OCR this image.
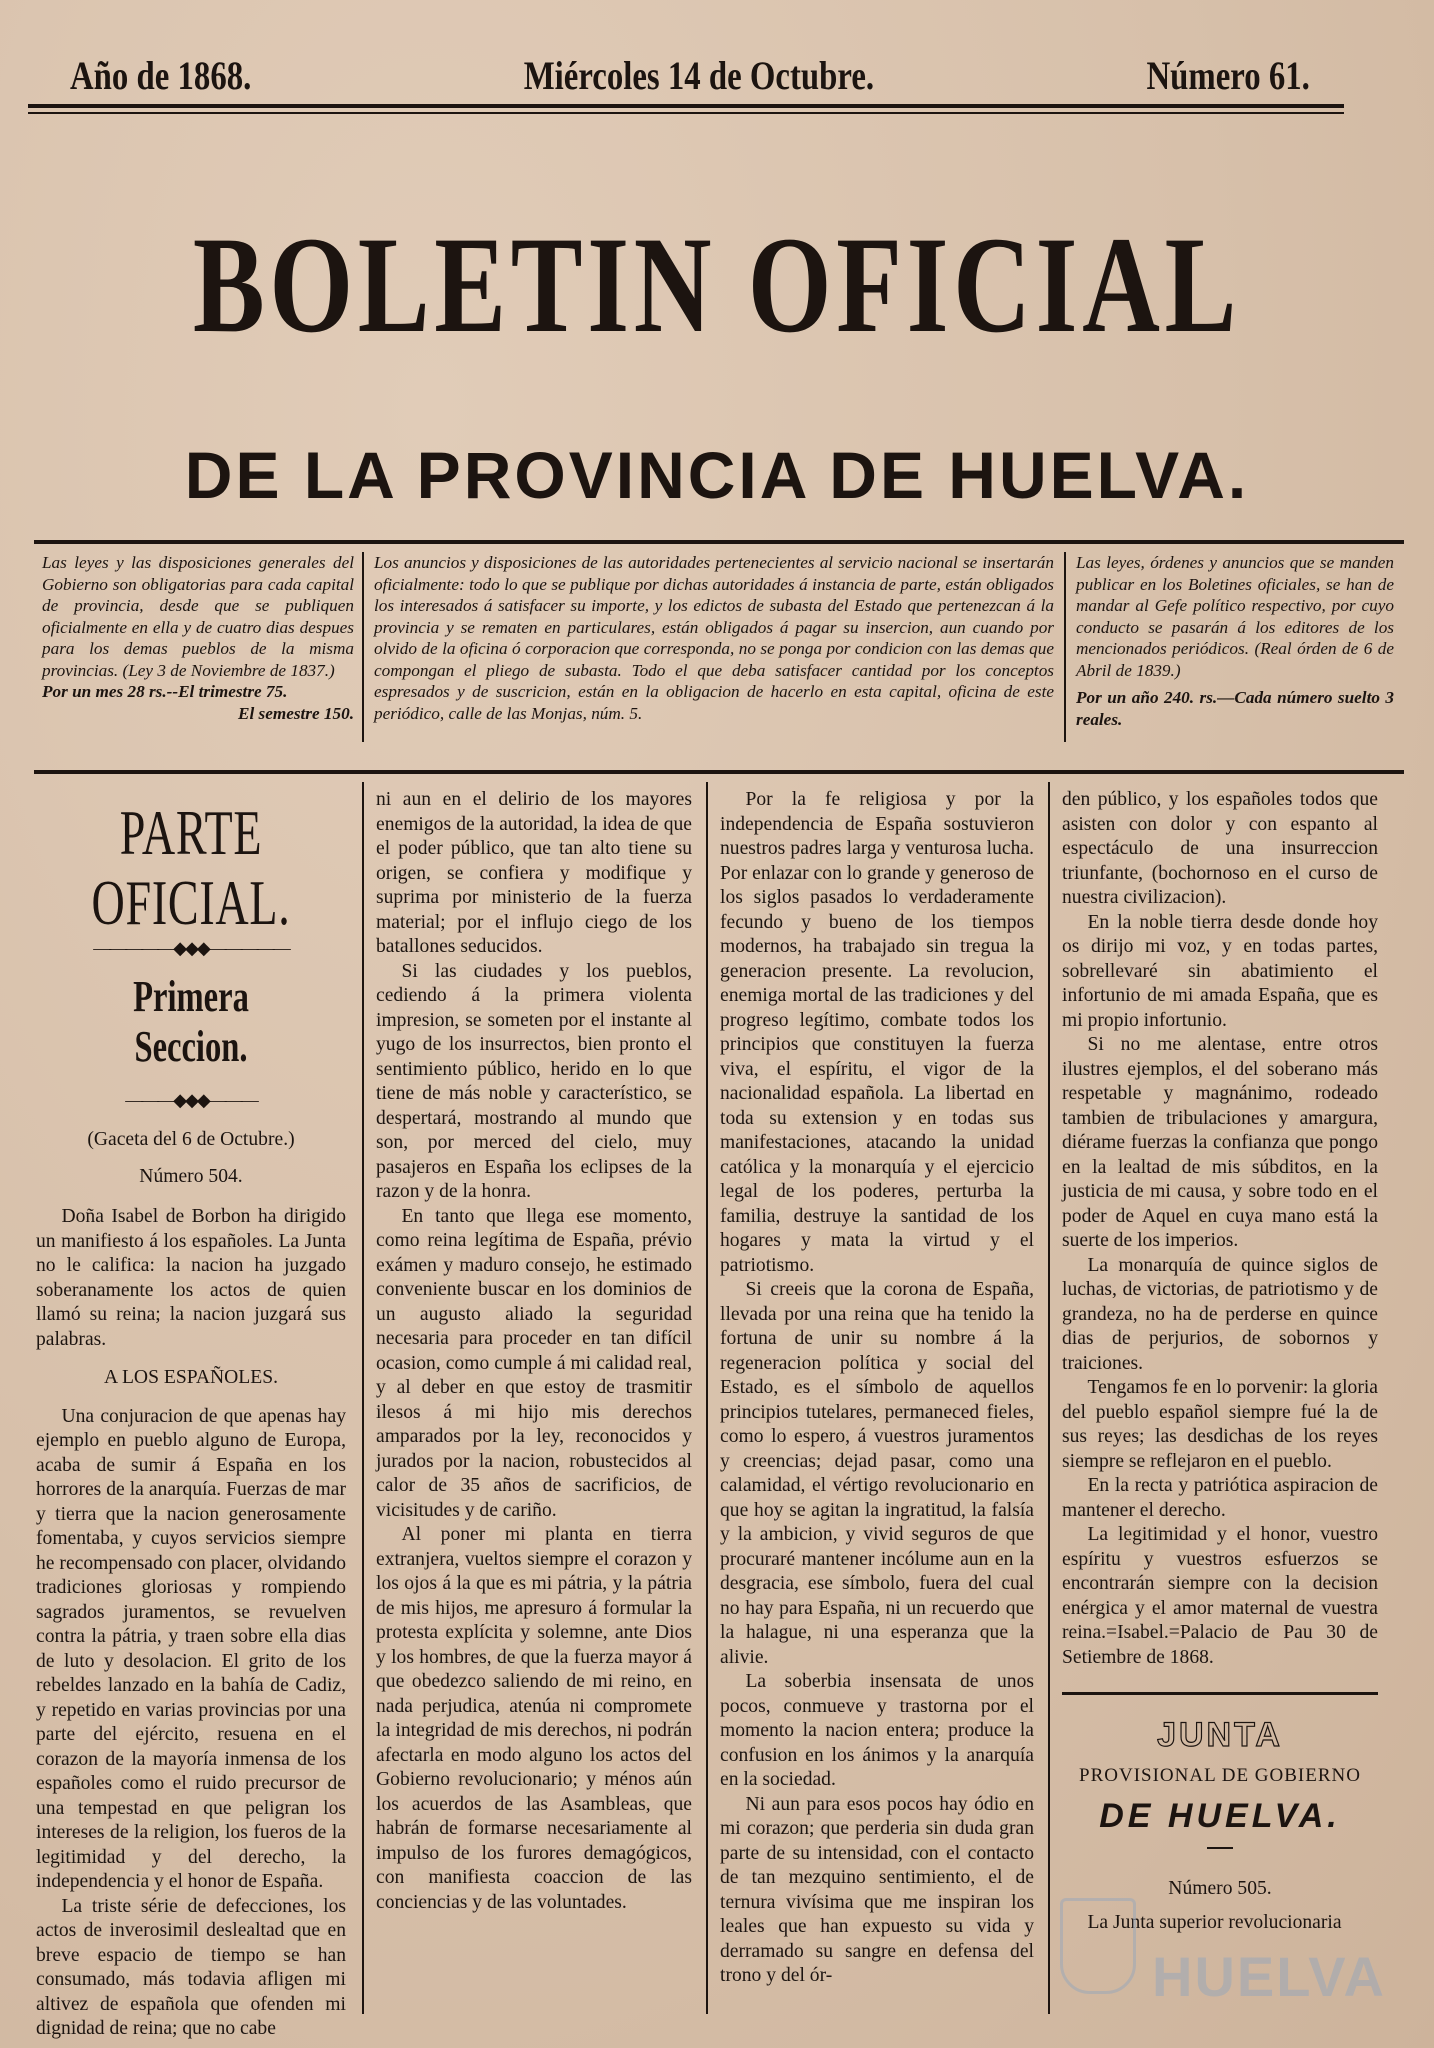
Año de 1868.	Miércoles 14 de Octubre.	Número 61.
BOLETIN OFICIAL
DE LA PROVINCIA DE HUELVA.

Las leyes y las disposiciones generales del Gobierno son obligatorias para cada capital de provincia, desde que se publiquen oficialmente en ella y de cuatro dias despues para los demas pueblos de la misma provincias. (Ley 3 de Noviembre de 1837.)

Por un mes 28 rs.--El trimestre 75.

El semestre 150.

Los anuncios y disposiciones de las autoridades pertenecientes al servicio nacional se insertarán oficialmente: todo lo que se publique por dichas autoridades á instancia de parte, están obligados los interesados á satisfacer su importe, y los edictos de subasta del Estado que pertenezcan á la provincia y se rematen en particulares, están obligados á pagar su insercion, aun cuando por olvido de la oficina ó corporacion que corresponda, no se ponga por condicion con las demas que compongan el pliego de subasta. Todo el que deba satisfacer cantidad por los conceptos espresados y de suscricion, están en la obligacion de hacerlo en esta capital, oficina de este periódico, calle de las Monjas, núm. 5.

Las leyes, órdenes y anuncios que se manden publicar en los Boletines oficiales, se han de mandar al Gefe político respectivo, por cuyo conducto se pasarán á los editores de los mencionados periódicos. (Real órden de 6 de Abril de 1839.)

Por un año 240. rs.—Cada número suelto 3 reales.

PARTE OFICIAL.
—————◆◆◆—————
Primera Seccion.
———◆◆◆———

(Gaceta del 6 de Octubre.)

Número 504.

Doña Isabel de Borbon ha dirigido un manifiesto á los españoles. La Junta no le califica: la nacion ha juzgado soberanamente los actos de quien llamó su reina; la nacion juzgará sus palabras.

A LOS ESPAÑOLES.

Una conjuracion de que apenas hay ejemplo en pueblo alguno de Europa, acaba de sumir á España en los horrores de la anarquía. Fuerzas de mar y tierra que la nacion generosamente fomentaba, y cuyos servicios siempre he recompensado con placer, olvidando tradiciones gloriosas y rompiendo sagrados juramentos, se revuelven contra la pátria, y traen sobre ella dias de luto y desolacion. El grito de los rebeldes lanzado en la bahía de Cadiz, y repetido en varias provincias por una parte del ejército, resuena en el corazon de la mayoría inmensa de los españoles como el ruido precursor de una tempestad en que peligran los intereses de la religion, los fueros de la legitimidad y del derecho, la independencia y el honor de España.

La triste série de defecciones, los actos de inverosimil deslealtad que en breve espacio de tiempo se han consumado, más todavia afligen mi altivez de española que ofenden mi dignidad de reina; que no cabe

ni aun en el delirio de los mayores enemigos de la autoridad, la idea de que el poder público, que tan alto tiene su origen, se confiera y modifique y suprima por ministerio de la fuerza material; por el influjo ciego de los batallones seducidos.

Si las ciudades y los pueblos, cediendo á la primera violenta impresion, se someten por el instante al yugo de los insurrectos, bien pronto el sentimiento público, herido en lo que tiene de más noble y característico, se despertará, mostrando al mundo que son, por merced del cielo, muy pasajeros en España los eclipses de la razon y de la honra.

En tanto que llega ese momento, como reina legítima de España, prévio exámen y maduro consejo, he estimado conveniente buscar en los dominios de un augusto aliado la seguridad necesaria para proceder en tan difícil ocasion, como cumple á mi calidad real, y al deber en que estoy de trasmitir ilesos á mi hijo mis derechos amparados por la ley, reconocidos y jurados por la nacion, robustecidos al calor de 35 años de sacrificios, de vicisitudes y de cariño.

Al poner mi planta en tierra extranjera, vueltos siempre el corazon y los ojos á la que es mi pátria, y la pátria de mis hijos, me apresuro á formular la protesta explícita y solemne, ante Dios y los hombres, de que la fuerza mayor á que obedezco saliendo de mi reino, en nada perjudica, atenúa ni compromete la integridad de mis derechos, ni podrán afectarla en modo alguno los actos del Gobierno revolucionario; y ménos aún los acuerdos de las Asambleas, que habrán de formarse necesariamente al impulso de los furores demagógicos, con manifiesta coaccion de las conciencias y de las voluntades.

Por la fe religiosa y por la independencia de España sostuvieron nuestros padres larga y venturosa lucha. Por enlazar con lo grande y generoso de los siglos pasados lo verdaderamente fecundo y bueno de los tiempos modernos, ha trabajado sin tregua la generacion presente. La revolucion, enemiga mortal de las tradiciones y del progreso legítimo, combate todos los principios que constituyen la fuerza viva, el espíritu, el vigor de la nacionalidad española. La libertad en toda su extension y en todas sus manifestaciones, atacando la unidad católica y la monarquía y el ejercicio legal de los poderes, perturba la familia, destruye la santidad de los hogares y mata la virtud y el patriotismo.

Si creeis que la corona de España, llevada por una reina que ha tenido la fortuna de unir su nombre á la regeneracion política y social del Estado, es el símbolo de aquellos principios tutelares, permaneced fieles, como lo espero, á vuestros juramentos y creencias; dejad pasar, como una calamidad, el vértigo revolucionario en que hoy se agitan la ingratitud, la falsía y la ambicion, y vivid seguros de que procuraré mantener incólume aun en la desgracia, ese símbolo, fuera del cual no hay para España, ni un recuerdo que la halague, ni una esperanza que la alivie.

La soberbia insensata de unos pocos, conmueve y trastorna por el momento la nacion entera; produce la confusion en los ánimos y la anarquía en la sociedad.

Ni aun para esos pocos hay ódio en mi corazon; que perderia sin duda gran parte de su intensidad, con el contacto de tan mezquino sentimiento, el de ternura vivísima que me inspiran los leales que han expuesto su vida y derramado su sangre en defensa del trono y del ór-

den público, y los españoles todos que asisten con dolor y con espanto al espectáculo de una insurreccion triunfante, (bochornoso en el curso de nuestra civilizacion).

En la noble tierra desde donde hoy os dirijo mi voz, y en todas partes, sobrellevaré sin abatimiento el infortunio de mi amada España, que es mi propio infortunio.

Si no me alentase, entre otros ilustres ejemplos, el del soberano más respetable y magnánimo, rodeado tambien de tribulaciones y amargura, diérame fuerzas la confianza que pongo en la lealtad de mis súbditos, en la justicia de mi causa, y sobre todo en el poder de Aquel en cuya mano está la suerte de los imperios.

La monarquía de quince siglos de luchas, de victorias, de patriotismo y de grandeza, no ha de perderse en quince dias de perjurios, de sobornos y traiciones.

Tengamos fe en lo porvenir: la gloria del pueblo español siempre fué la de sus reyes; las desdichas de los reyes siempre se reflejaron en el pueblo.

En la recta y patriótica aspiracion de mantener el derecho.

La legitimidad y el honor, vuestro espíritu y vuestros esfuerzos se encontrarán siempre con la decision enérgica y el amor maternal de vuestra reina.=Isabel.=Palacio de Pau 30 de Setiembre de 1868.

JUNTA
PROVISIONAL DE GOBIERNO
DE HUELVA.

Número 505.

La Junta superior revolucionaria

HUELVA
